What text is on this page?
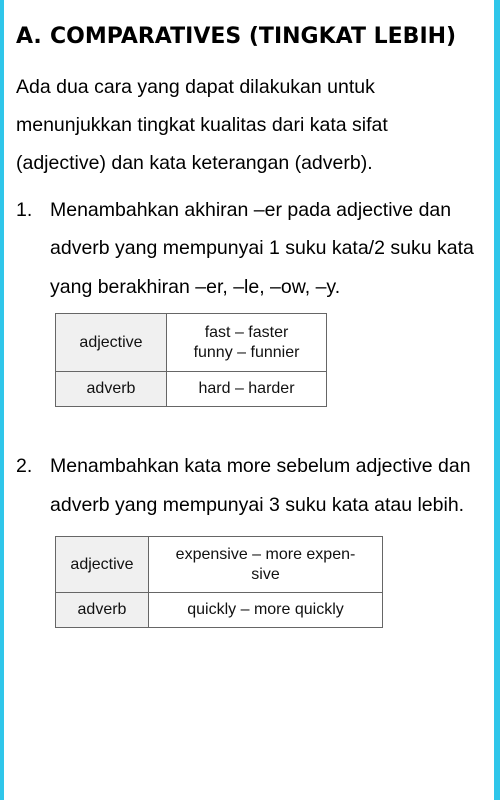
A. COMPARATIVES (TINGKAT LEBIH)
Ada dua cara yang dapat dilakukan untuk
menunjukkan tingkat kualitas dari kata sifat
(adjective) dan kata keterangan (adverb).
1. Menambahkan akhiran –er pada adjective dan
adverb yang mempunyai 1 suku kata/2 suku kata
yang berakhiran –er, –le, –ow, –y.
adjective	fast – faster
funny – funnier

adverb	hard – harder
2. Menambahkan kata more sebelum adjective dan
adverb yang mempunyai 3 suku kata atau lebih.
adjective	expensive – more expen-
sive

adverb	quickly – more quickly
